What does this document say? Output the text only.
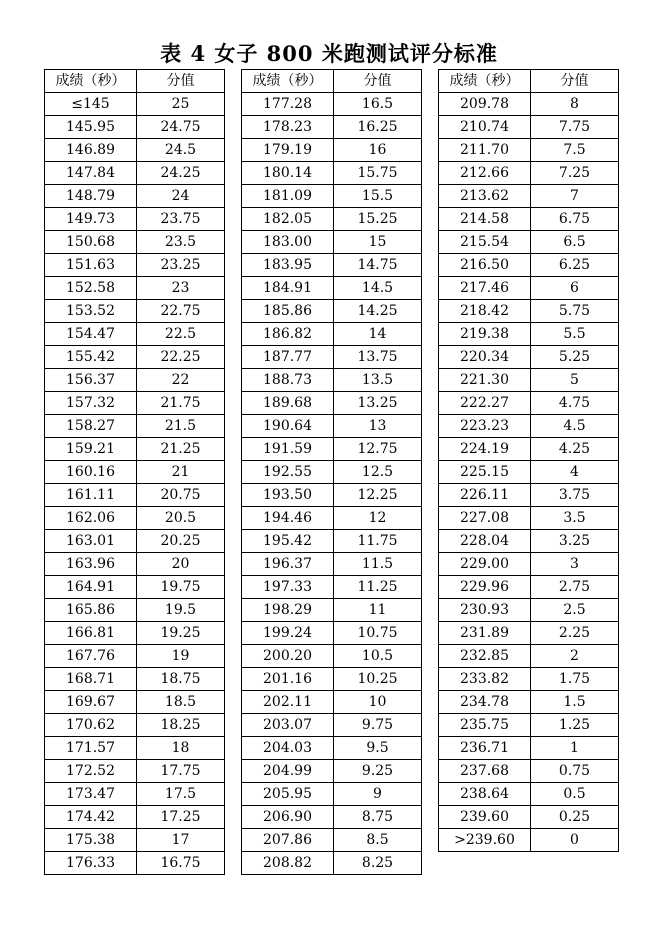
表 4 女子 800 米跑测试评分标准
成绩（秒）	分值
≤145	25
145.95	24.75
146.89	24.5
147.84	24.25
148.79	24
149.73	23.75
150.68	23.5
151.63	23.25
152.58	23
153.52	22.75
154.47	22.5
155.42	22.25
156.37	22
157.32	21.75
158.27	21.5
159.21	21.25
160.16	21
161.11	20.75
162.06	20.5
163.01	20.25
163.96	20
164.91	19.75
165.86	19.5
166.81	19.25
167.76	19
168.71	18.75
169.67	18.5
170.62	18.25
171.57	18
172.52	17.75
173.47	17.5
174.42	17.25
175.38	17
176.33	16.75
成绩（秒）	分值
177.28	16.5
178.23	16.25
179.19	16
180.14	15.75
181.09	15.5
182.05	15.25
183.00	15
183.95	14.75
184.91	14.5
185.86	14.25
186.82	14
187.77	13.75
188.73	13.5
189.68	13.25
190.64	13
191.59	12.75
192.55	12.5
193.50	12.25
194.46	12
195.42	11.75
196.37	11.5
197.33	11.25
198.29	11
199.24	10.75
200.20	10.5
201.16	10.25
202.11	10
203.07	9.75
204.03	9.5
204.99	9.25
205.95	9
206.90	8.75
207.86	8.5
208.82	8.25
成绩（秒）	分值
209.78	8
210.74	7.75
211.70	7.5
212.66	7.25
213.62	7
214.58	6.75
215.54	6.5
216.50	6.25
217.46	6
218.42	5.75
219.38	5.5
220.34	5.25
221.30	5
222.27	4.75
223.23	4.5
224.19	4.25
225.15	4
226.11	3.75
227.08	3.5
228.04	3.25
229.00	3
229.96	2.75
230.93	2.5
231.89	2.25
232.85	2
233.82	1.75
234.78	1.5
235.75	1.25
236.71	1
237.68	0.75
238.64	0.5
239.60	0.25
>239.60	0
